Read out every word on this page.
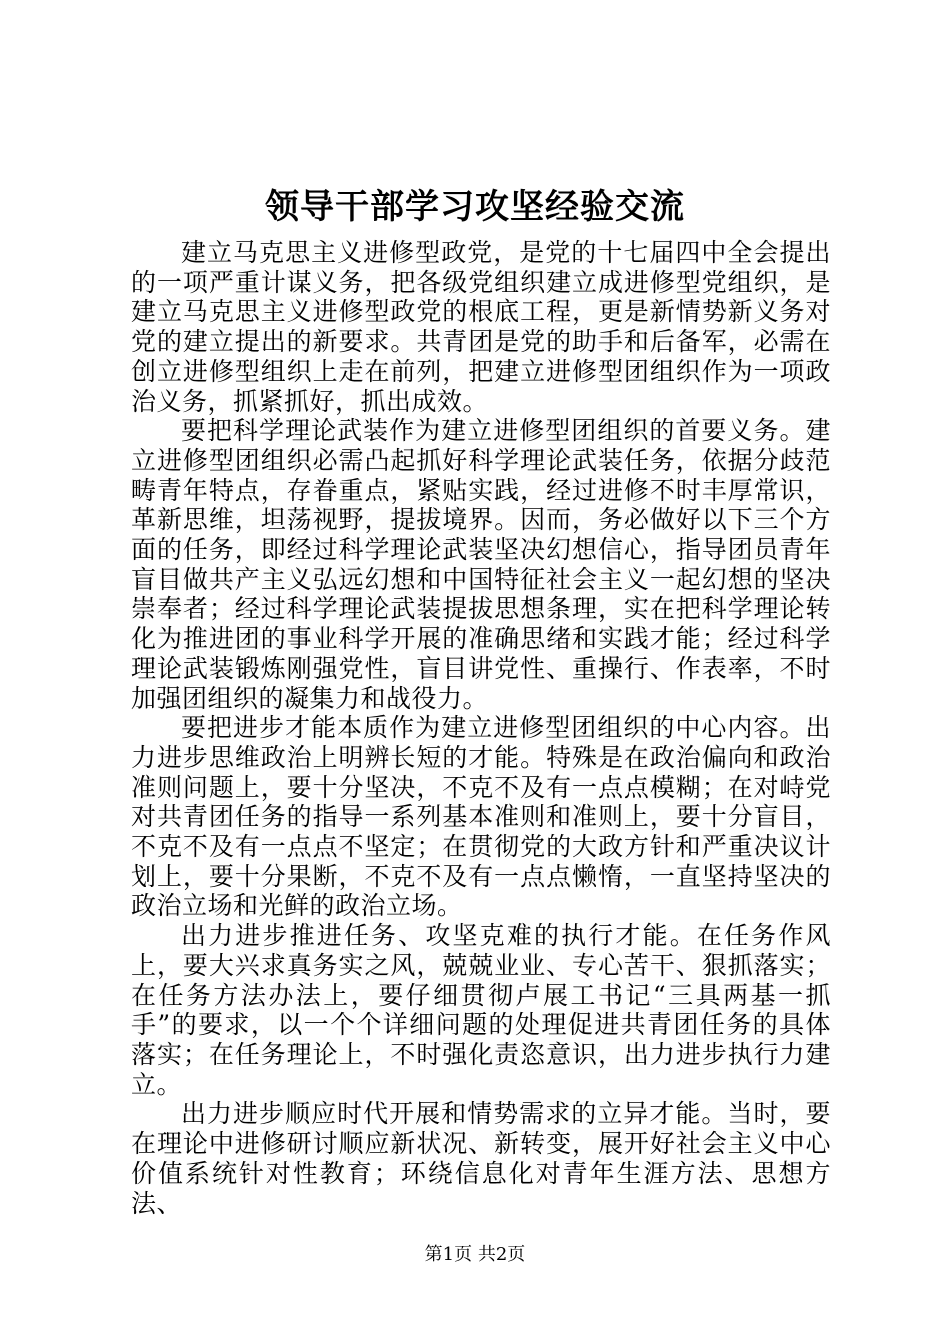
领导干部学习攻坚经验交流

建立马克思主义进修型政党，是党的十七届四中全会提出的一项严重计谋义务，把各级党组织建立成进修型党组织，是建立马克思主义进修型政党的根底工程，更是新情势新义务对党的建立提出的新要求。共青团是党的助手和后备军，必需在创立进修型组织上走在前列，把建立进修型团组织作为一项政治义务，抓紧抓好，抓出成效。

要把科学理论武装作为建立进修型团组织的首要义务。建立进修型团组织必需凸起抓好科学理论武装任务，依据分歧范畴青年特点，存眷重点，紧贴实践，经过进修不时丰厚常识，革新思维，坦荡视野，提拔境界。因而，务必做好以下三个方面的任务，即经过科学理论武装坚决幻想信心，指导团员青年盲目做共产主义弘远幻想和中国特征社会主义一起幻想的坚决崇奉者；经过科学理论武装提拔思想条理，实在把科学理论转化为推进团的事业科学开展的准确思绪和实践才能；经过科学理论武装锻炼刚强党性，盲目讲党性、重操行、作表率，不时加强团组织的凝集力和战役力。

要把进步才能本质作为建立进修型团组织的中心内容。出力进步思维政治上明辨长短的才能。特殊是在政治偏向和政治准则问题上，要十分坚决，不克不及有一点点模糊；在对峙党对共青团任务的指导一系列基本准则和准则上，要十分盲目，不克不及有一点点不坚定；在贯彻党的大政方针和严重决议计划上，要十分果断，不克不及有一点点懒惰，一直坚持坚决的政治立场和光鲜的政治立场。

出力进步推进任务、攻坚克难的执行才能。在任务作风上，要大兴求真务实之风，兢兢业业、专心苦干、狠抓落实；在任务方法办法上，要仔细贯彻卢展工书记“三具两基一抓手”的要求，以一个个详细问题的处理促进共青团任务的具体落实；在任务理论上，不时强化责恣意识，出力进步执行力建立。

出力进步顺应时代开展和情势需求的立异才能。当时，要在理论中进修研讨顺应新状况、新转变，展开好社会主义中心价值系统针对性教育；环绕信息化对青年生涯方法、思想方法、

第1页 共2页
